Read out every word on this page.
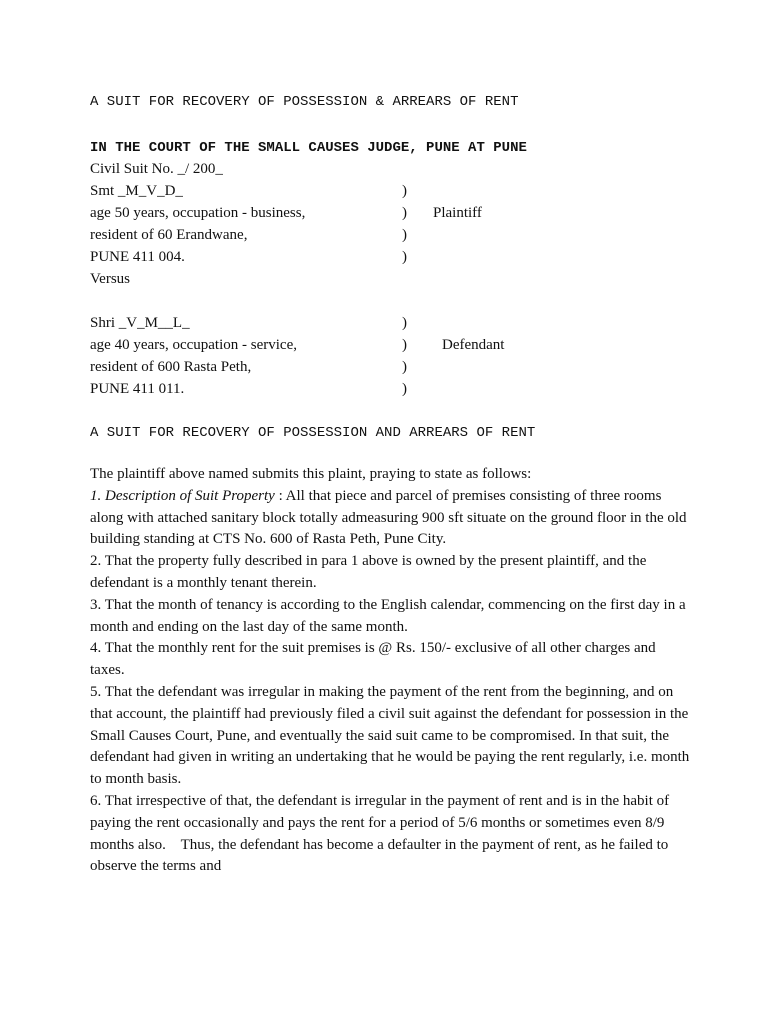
A SUIT FOR RECOVERY OF POSSESSION & ARREARS OF RENT
IN THE COURT OF THE SMALL CAUSES JUDGE, PUNE AT PUNE
Civil Suit No. _/ 200_
Smt _M_V_D_
age 50 years, occupation - business,
resident of 60 Erandwane,
PUNE 411 004.
)
)
)
)
Plaintiff
Versus
Shri _V_M__L_
age 40 years, occupation - service,
resident of 600 Rasta Peth,
PUNE 411 011.
)
)
)
)
Defendant
A SUIT FOR RECOVERY OF POSSESSION AND ARREARS OF RENT

The plaintiff above named submits this plaint, praying to state as follows:

1. Description of Suit Property : All that piece and parcel of premises consisting of three rooms along with attached sanitary block totally admeasuring 900 sft situate on the ground floor in the old building standing at CTS No. 600 of Rasta Peth, Pune City.

2. That the property fully described in para 1 above is owned by the present plaintiff, and the defendant is a monthly tenant therein.

3. That the month of tenancy is according to the English calendar, commencing on the first day in a month and ending on the last day of the same month.

4. That the monthly rent for the suit premises is @ Rs. 150/- exclusive of all other charges and taxes.

5. That the defendant was irregular in making the payment of the rent from the beginning, and on that account, the plaintiff had previously filed a civil suit against the defendant for possession in the Small Causes Court, Pune, and eventually the said suit came to be compromised. In that suit, the defendant had given in writing an undertaking that he would be paying the rent regularly, i.e. month to month basis.

6. That irrespective of that, the defendant is irregular in the payment of rent and is in the habit of paying the rent occasionally and pays the rent for a period of 5/6 months or sometimes even 8/9 months also.    Thus, the defendant has become a defaulter in the payment of rent, as he failed to observe the terms and
